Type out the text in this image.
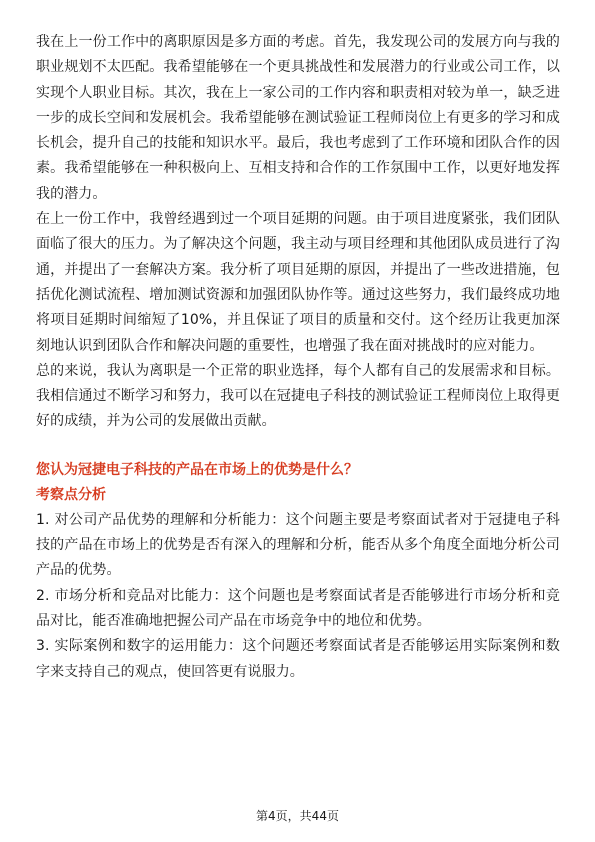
我在上一份工作中的离职原因是多方面的考虑。首先，我发现公司的发展方向与我的职业规划不太匹配。我希望能够在一个更具挑战性和发展潜力的行业或公司工作，以实现个人职业目标。其次，我在上一家公司的工作内容和职责相对较为单一，缺乏进一步的成长空间和发展机会。我希望能够在测试验证工程师岗位上有更多的学习和成长机会，提升自己的技能和知识水平。最后，我也考虑到了工作环境和团队合作的因素。我希望能够在一种积极向上、互相支持和合作的工作氛围中工作，以更好地发挥我的潜力。

在上一份工作中，我曾经遇到过一个项目延期的问题。由于项目进度紧张，我们团队面临了很大的压力。为了解决这个问题，我主动与项目经理和其他团队成员进行了沟通，并提出了一套解决方案。我分析了项目延期的原因，并提出了一些改进措施，包括优化测试流程、增加测试资源和加强团队协作等。通过这些努力，我们最终成功地将项目延期时间缩短了10%，并且保证了项目的质量和交付。这个经历让我更加深刻地认识到团队合作和解决问题的重要性，也增强了我在面对挑战时的应对能力。

总的来说，我认为离职是一个正常的职业选择，每个人都有自己的发展需求和目标。我相信通过不断学习和努力，我可以在冠捷电子科技的测试验证工程师岗位上取得更好的成绩，并为公司的发展做出贡献。

您认为冠捷电子科技的产品在市场上的优势是什么？
考察点分析

1. 对公司产品优势的理解和分析能力：这个问题主要是考察面试者对于冠捷电子科技的产品在市场上的优势是否有深入的理解和分析，能否从多个角度全面地分析公司产品的优势。

2. 市场分析和竞品对比能力：这个问题也是考察面试者是否能够进行市场分析和竞品对比，能否准确地把握公司产品在市场竞争中的地位和优势。

3. 实际案例和数字的运用能力：这个问题还考察面试者是否能够运用实际案例和数字来支持自己的观点，使回答更有说服力。

第4页，共44页
